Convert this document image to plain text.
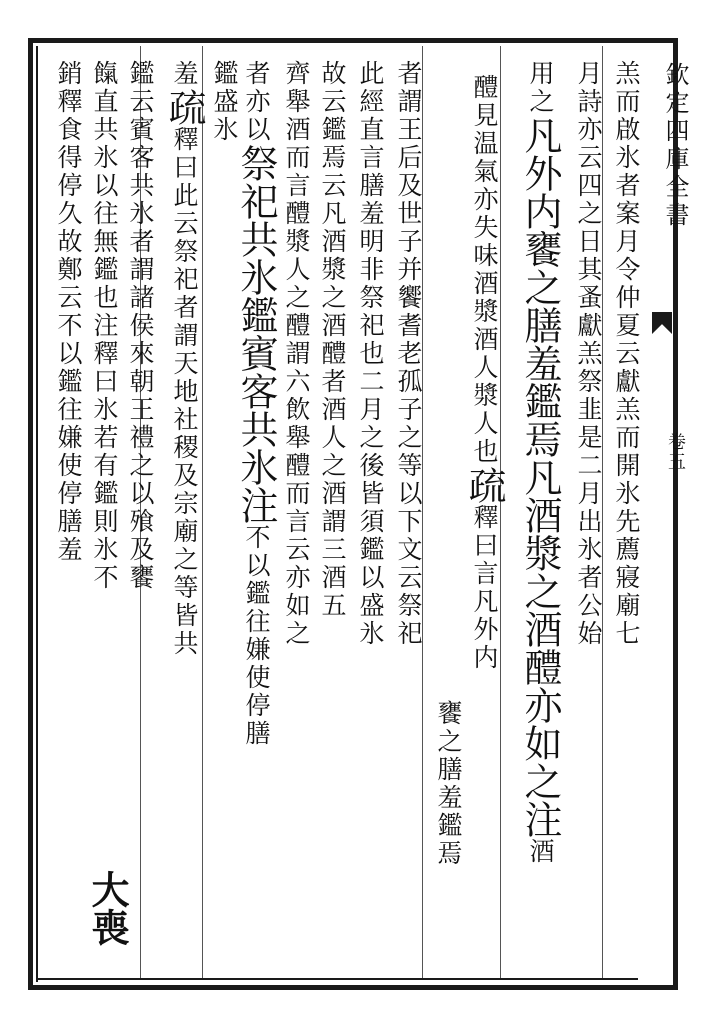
欽定四庫全書
卷五
羔而啟氷者案月令仲夏云獻羔而開氷先薦寢廟七
月詩亦云四之日其蚤獻羔祭韭是二月出氷者公始
用之凡外内饔之膳羞鑑焉凡酒漿之酒醴亦如之注酒
醴見温氣亦失味酒漿酒人漿人也疏釋曰言凡外内
饔之膳羞鑑焉
者謂王后及世子并饗耆老孤子之等以下文云祭祀
此經直言膳羞明非祭祀也二月之後皆須鑑以盛氷
故云鑑焉云凡酒漿之酒醴者酒人之酒謂三酒五
齊舉酒而言醴漿人之醴謂六飲舉醴而言云亦如之
者亦以祭祀共氷鑑賓客共氷注不以鑑往嫌使停膳
鑑盛氷
羞疏釋曰此云祭祀者謂天地社稷及宗廟之等皆共
鑑云賓客共氷者謂諸侯來朝王禮之以飱及饔
餼直共氷以往無鑑也注釋曰氷若有鑑則氷不
銷釋食得停久故鄭云不以鑑往嫌使停膳羞
大喪
